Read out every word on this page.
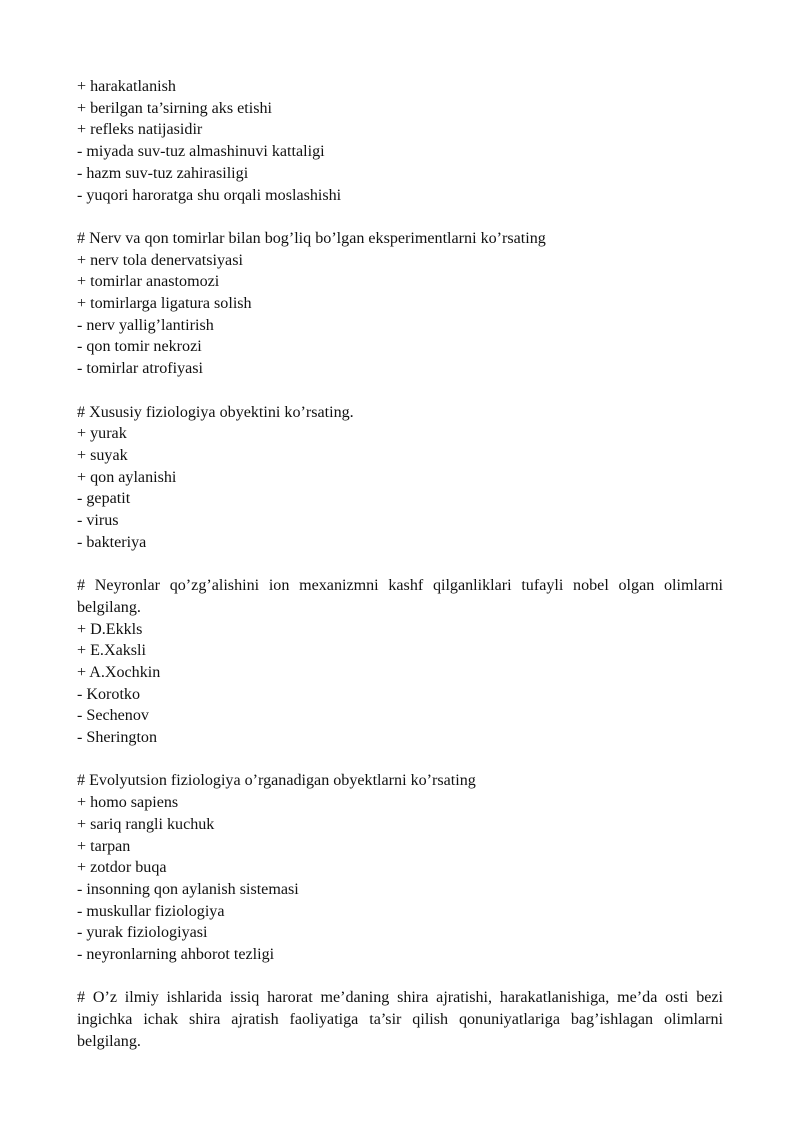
+ harakatlanish
+ berilgan ta’sirning aks etishi
+ refleks natijasidir
- miyada suv-tuz almashinuvi kattaligi
- hazm suv-tuz zahirasiligi
- yuqori haroratga shu orqali moslashishi
# Nerv va qon tomirlar bilan bog’liq bo’lgan eksperimentlarni ko’rsating
+ nerv tola denervatsiyasi
+ tomirlar anastomozi
+ tomirlarga ligatura solish
- nerv yallig’lantirish
- qon tomir nekrozi
- tomirlar atrofiyasi
# Xususiy fiziologiya obyektini ko’rsating.
+ yurak
+ suyak
+ qon aylanishi
- gepatit
- virus
- bakteriya
# Neyronlar qo’zg’alishini ion mexanizmni kashf qilganliklari tufayli nobel olgan olimlarni belgilang.
+ D.Ekkls
+ E.Xaksli
+ A.Xochkin
- Korotko
- Sechenov
- Sherington
# Evolyutsion fiziologiya o’rganadigan obyektlarni ko’rsating
+ homo sapiens
+ sariq rangli kuchuk
+ tarpan
+ zotdor buqa
- insonning qon aylanish sistemasi
- muskullar fiziologiya
- yurak fiziologiyasi
- neyronlarning ahborot tezligi
# O’z ilmiy ishlarida issiq harorat me’daning shira ajratishi, harakatlanishiga, me’da osti bezi ingichka ichak shira ajratish faoliyatiga ta’sir qilish qonuniyatlariga bag’ishlagan olimlarni belgilang.
